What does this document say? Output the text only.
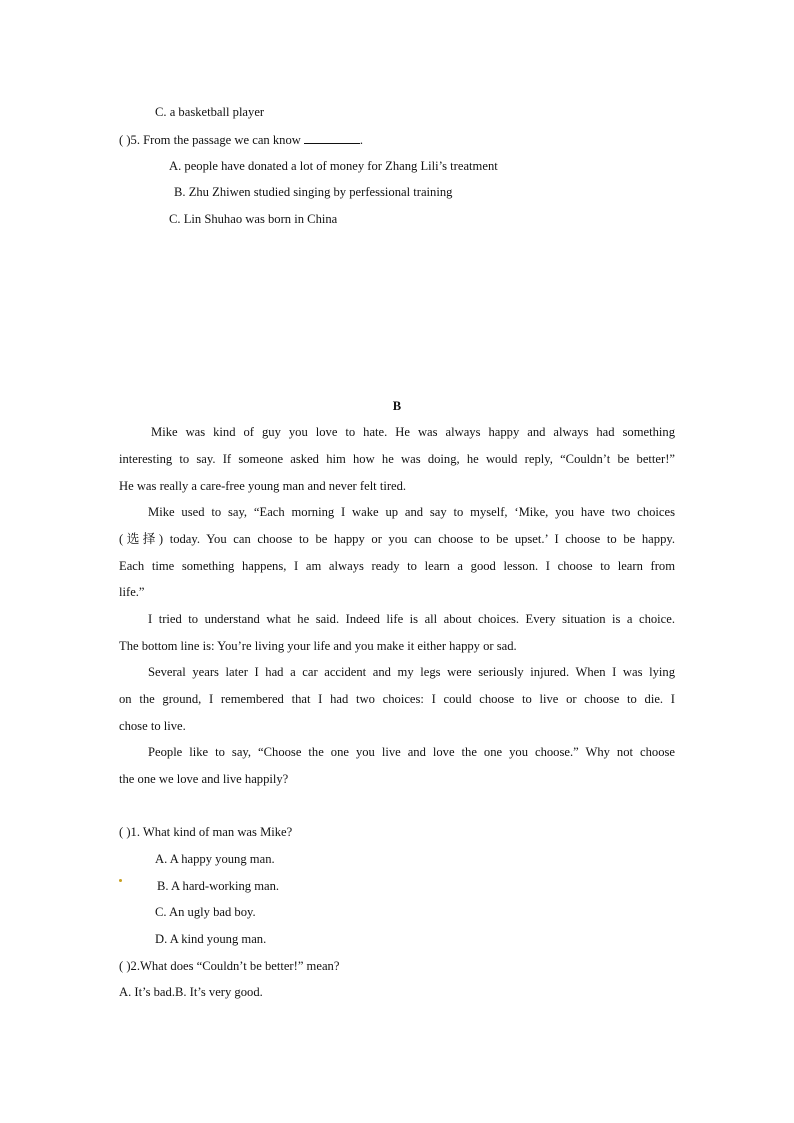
C. a basketball player
( )5. From the passage we can know	.
A. people have donated a lot of money for Zhang Lili’s treatment
B. Zhu Zhiwen studied singing by perfessional training
C. Lin Shuhao was born in China
B
Mike was kind of guy you love to hate. He was always happy and always had something
interesting to say. If someone asked him how he was doing, he would reply, “Couldn’t be better!”
He was really a care-free young man and never felt tired.
Mike used to say, “Each morning I wake up and say to myself, ‘Mike, you have two choices
(选择) today. You can choose to be happy or you can choose to be upset.’ I choose to be happy.
Each time something happens, I am always ready to learn a good lesson. I choose to learn from
life.”
I tried to understand what he said. Indeed life is all about choices. Every situation is a choice.
The bottom line is: You’re living your life and you make it either happy or sad.
Several years later I had a car accident and my legs were seriously injured. When I was lying
on the ground, I remembered that I had two choices: I could choose to live or choose to die. I
chose to live.
People like to say, “Choose the one you live and love the one you choose.” Why not choose
the one we love and live happily?
( )1. What kind of man was Mike?
A. A happy young man.
B. A hard-working man.
C. An ugly bad boy.
D. A kind young man.
( )2.What does “Couldn’t be better!” mean?
A. It’s bad.B. It’s very good.
